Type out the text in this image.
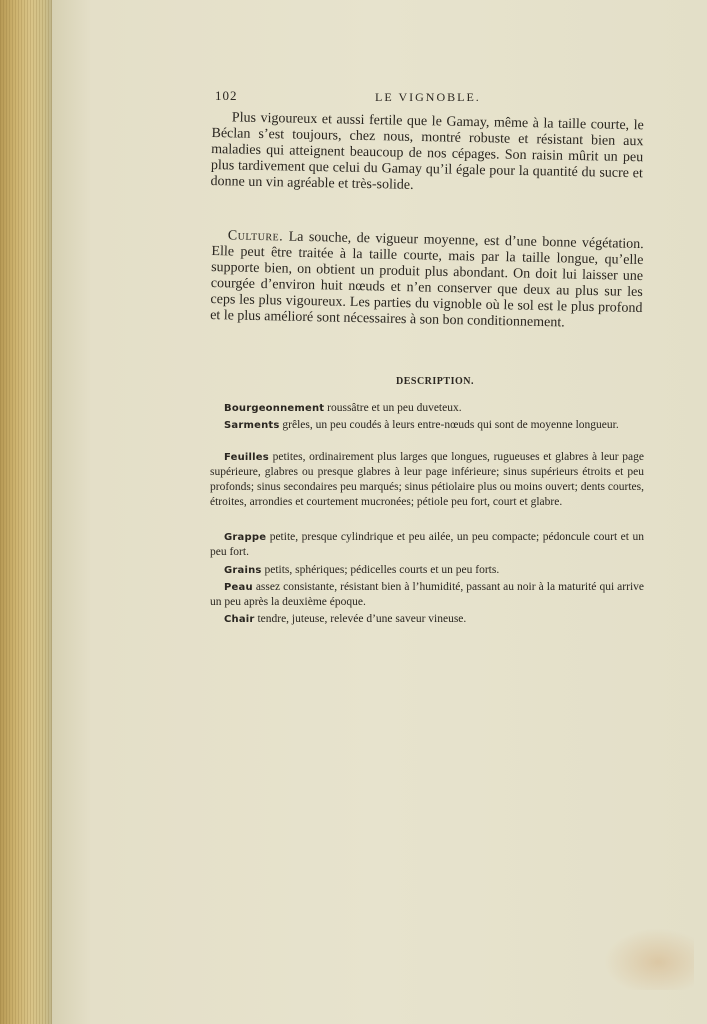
102	LE VIGNOBLE.

Plus vigoureux et aussi fertile que le Gamay, même à la taille courte, le Béclan s’est toujours, chez nous, montré robuste et résistant bien aux maladies qui atteignent beaucoup de nos cépages. Son raisin mûrit un peu plus tardivement que celui du Gamay qu’il égale pour la quantité du sucre et donne un vin agréable et très-solide.

Culture. La souche, de vigueur moyenne, est d’une bonne végétation. Elle peut être traitée à la taille courte, mais par la taille longue, qu’elle supporte bien, on obtient un produit plus abondant. On doit lui laisser une courgée d’environ huit nœuds et n’en conserver que deux au plus sur les ceps les plus vigoureux. Les parties du vignoble où le sol est le plus profond et le plus amélioré sont nécessaires à son bon conditionnement.

DESCRIPTION.

Bourgeonnement roussâtre et un peu duveteux.

Sarments grêles, un peu coudés à leurs entre-nœuds qui sont de moyenne longueur.

Feuilles petites, ordinairement plus larges que longues, rugueuses et glabres à leur page supérieure, glabres ou presque glabres à leur page inférieure; sinus supérieurs étroits et peu profonds; sinus secondaires peu marqués; sinus pétiolaire plus ou moins ouvert; dents courtes, étroites, arrondies et courtement mucronées; pétiole peu fort, court et glabre.

Grappe petite, presque cylindrique et peu ailée, un peu compacte; pédoncule court et un peu fort.

Grains petits, sphériques; pédicelles courts et un peu forts.

Peau assez consistante, résistant bien à l’humidité, passant au noir à la maturité qui arrive un peu après la deuxième époque.

Chair tendre, juteuse, relevée d’une saveur vineuse.
